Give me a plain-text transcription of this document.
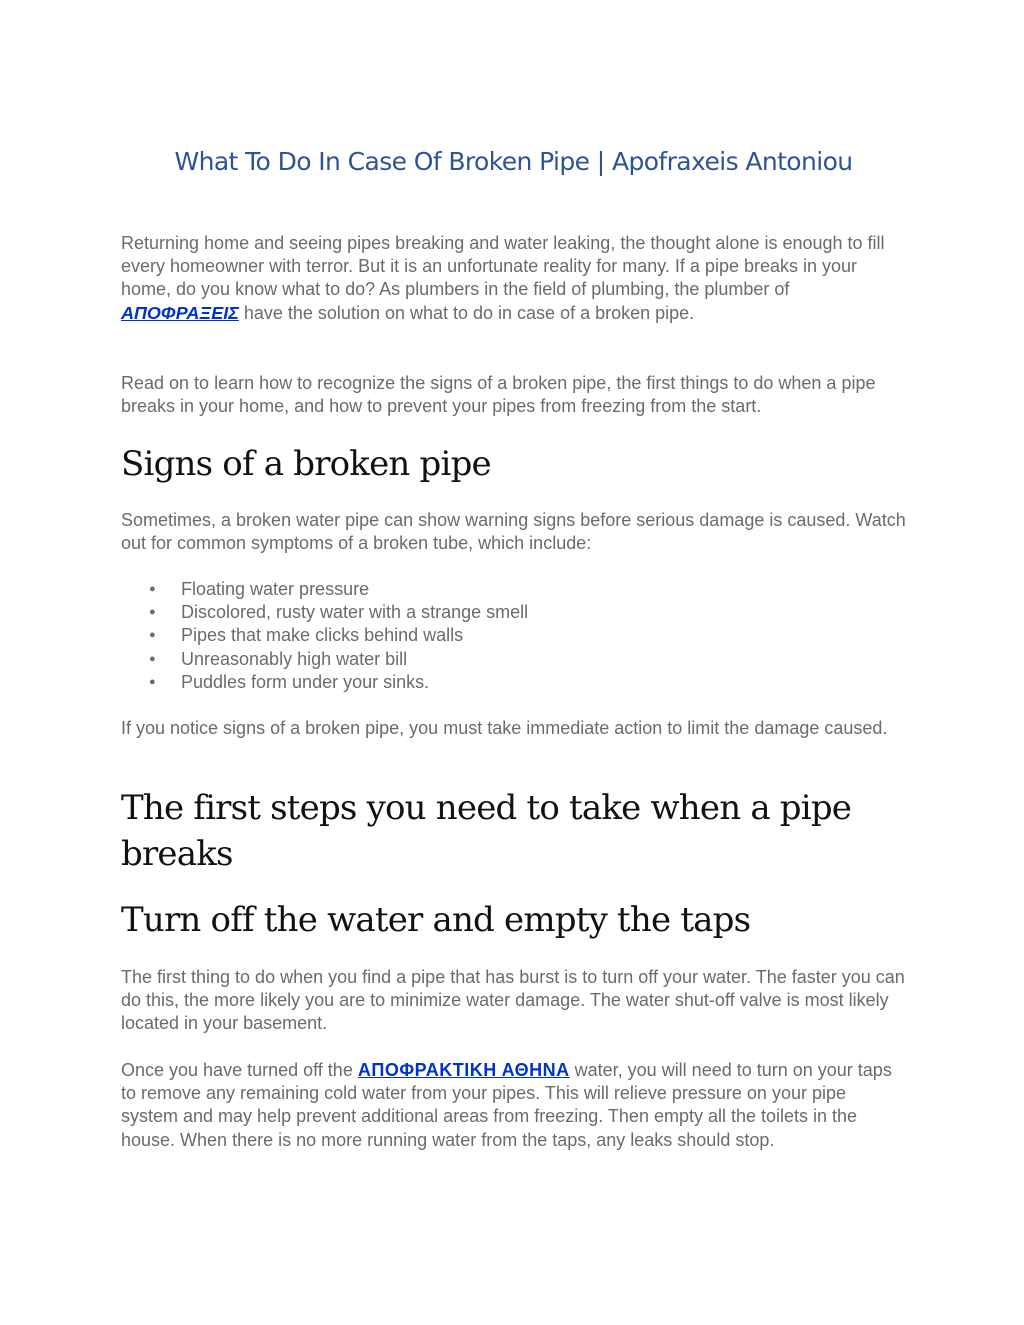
What To Do In Case Of Broken Pipe | Apofraxeis Antoniou

Returning home and seeing pipes breaking and water leaking, the thought alone is enough to fill every homeowner with terror. But it is an unfortunate reality for many. If a pipe breaks in your home, do you know what to do? As plumbers in the field of plumbing, the plumber of ΑΠΟΦΡΑΞΕΙΣ have the solution on what to do in case of a broken pipe.

Read on to learn how to recognize the signs of a broken pipe, the first things to do when a pipe breaks in your home, and how to prevent your pipes from freezing from the start.

Signs of a broken pipe

Sometimes, a broken water pipe can show warning signs before serious damage is caused. Watch out for common symptoms of a broken tube, which include:

● Floating water pressure
● Discolored, rusty water with a strange smell
● Pipes that make clicks behind walls
● Unreasonably high water bill
● Puddles form under your sinks.

If you notice signs of a broken pipe, you must take immediate action to limit the damage caused.

The first steps you need to take when a pipe breaks
Turn off the water and empty the taps

The first thing to do when you find a pipe that has burst is to turn off your water. The faster you can do this, the more likely you are to minimize water damage. The water shut-off valve is most likely located in your basement.

Once you have turned off the ΑΠΟΦΡΑΚΤΙΚΗ ΑΘΗΝΑ water, you will need to turn on your taps to remove any remaining cold water from your pipes. This will relieve pressure on your pipe system and may help prevent additional areas from freezing. Then empty all the toilets in the house. When there is no more running water from the taps, any leaks should stop.
